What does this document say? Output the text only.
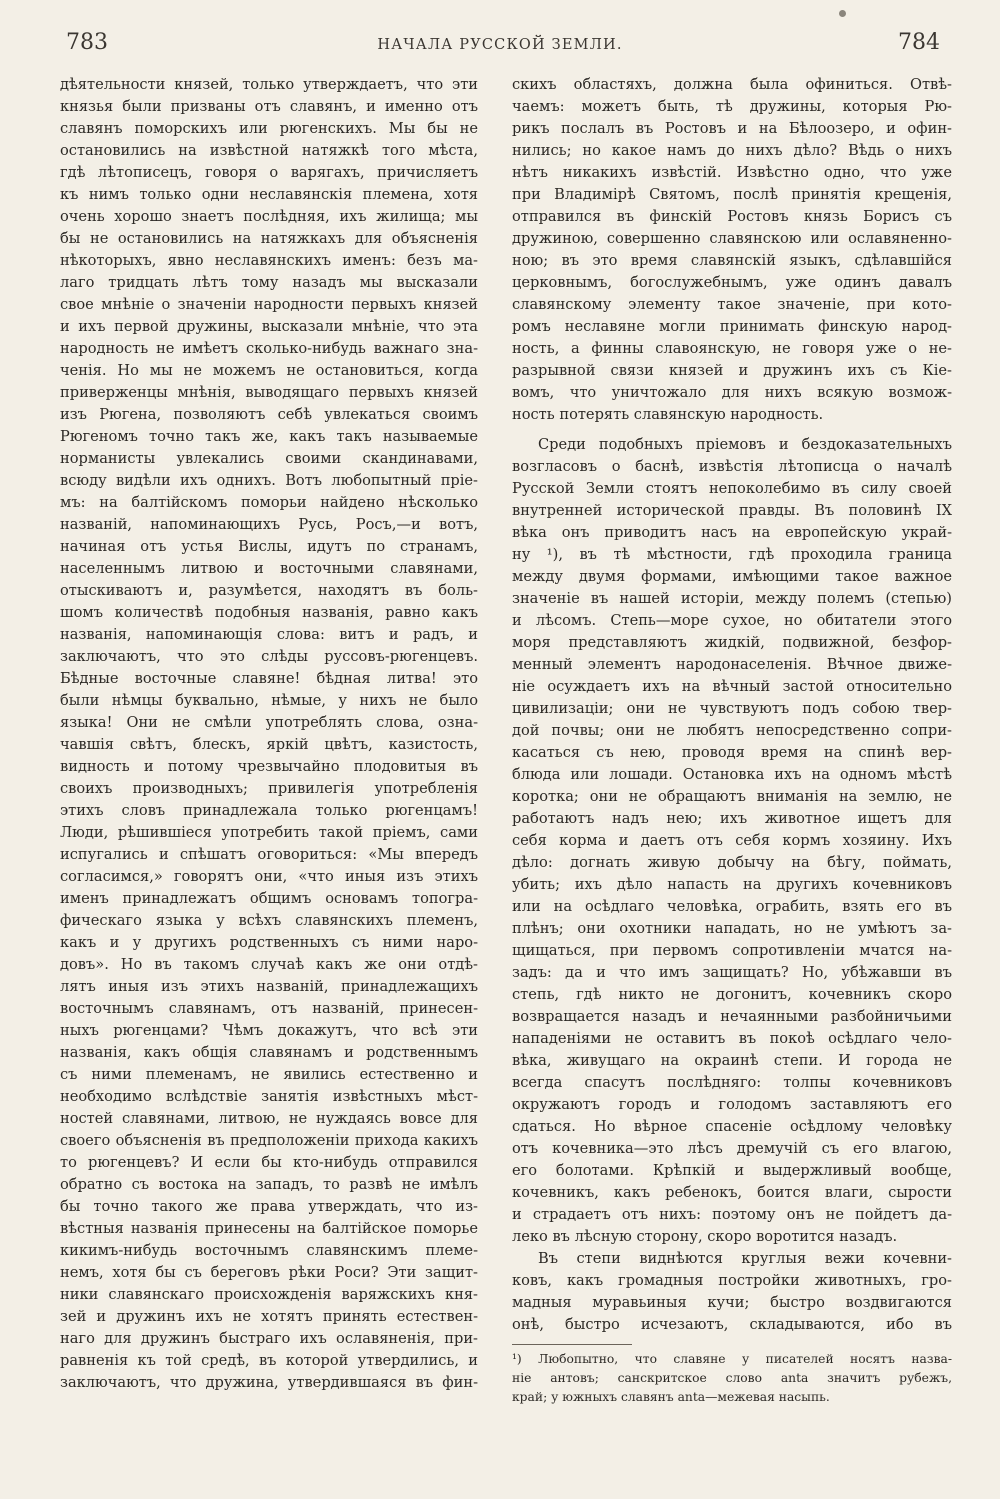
783	НАЧАЛА РУССКОЙ ЗЕМЛИ.	784
дѣятельности князей, только утверждаетъ, что эти
князья были призваны отъ славянъ, и именно отъ
славянъ поморскихъ или рюгенскихъ. Мы бы не
остановились на извѣстной натяжкѣ того мѣста,
гдѣ лѣтописецъ, говоря о варягахъ, причисляетъ
къ нимъ только одни неславянскія племена, хотя
очень хорошо знаетъ послѣдняя, ихъ жилища; мы
бы не остановились на натяжкахъ для объясненія
нѣкоторыхъ, явно неславянскихъ именъ: безъ ма-
лаго тридцать лѣтъ тому назадъ мы высказали
свое мнѣніе о значеніи народности первыхъ князей
и ихъ первой дружины, высказали мнѣніе, что эта
народность не имѣетъ сколько-нибудь важнаго зна-
ченія. Но мы не можемъ не остановиться, когда
приверженцы мнѣнія, выводящаго первыхъ князей
изъ Рюгена, позволяютъ себѣ увлекаться своимъ
Рюгеномъ точно такъ же, какъ такъ называемые
норманисты увлекались своими скандинавами,
всюду видѣли ихъ однихъ. Вотъ любопытный пріе-
мъ: на балтійскомъ поморьи найдено нѣсколько
названій, напоминающихъ Русь, Росъ,—и вотъ,
начиная отъ устья Вислы, идутъ по странамъ,
населеннымъ литвою и восточными славянами,
отыскиваютъ и, разумѣется, находятъ въ боль-
шомъ количествѣ подобныя названія, равно какъ
названія, напоминающія слова: витъ и радъ, и
заключаютъ, что это слѣды руссовъ-рюгенцевъ.
Бѣдные восточные славяне! бѣдная литва! это
были нѣмцы буквально, нѣмые, у нихъ не было
языка! Они не смѣли употреблять слова, озна-
чавшія свѣтъ, блескъ, яркій цвѣтъ, казистость,
видность и потому чрезвычайно плодовитыя въ
своихъ производныхъ; привилегія употребленія
этихъ словъ принадлежала только рюгенцамъ!
Люди, рѣшившіеся употребить такой пріемъ, сами
испугались и спѣшатъ оговориться: «Мы впередъ
согласимся,» говорятъ они, «что иныя изъ этихъ
именъ принадлежатъ общимъ основамъ топогра-
фическаго языка у всѣхъ славянскихъ племенъ,
какъ и у другихъ родственныхъ съ ними наро-
довъ». Но въ такомъ случаѣ какъ же они отдѣ-
лятъ иныя изъ этихъ названій, принадлежащихъ
восточнымъ славянамъ, отъ названій, принесен-
ныхъ рюгенцами? Чѣмъ докажутъ, что всѣ эти
названія, какъ общія славянамъ и родственнымъ
съ ними племенамъ, не явились естественно и
необходимо вслѣдствіе занятія извѣстныхъ мѣст-
ностей славянами, литвою, не нуждаясь вовсе для
своего объясненія въ предположеніи прихода какихъ
то рюгенцевъ? И если бы кто-нибудь отправился
обратно съ востока на западъ, то развѣ не имѣлъ
бы точно такого же права утверждать, что из-
вѣстныя названія принесены на балтійское поморье
кикимъ-нибудь восточнымъ славянскимъ племе-
немъ, хотя бы съ береговъ рѣки Роси? Эти защит-
ники славянскаго происхожденія варяжскихъ кня-
зей и дружинъ ихъ не хотятъ принять естествен-
наго для дружинъ быстраго ихъ ославяненія, при-
равненія къ той средѣ, въ которой утвердились, и
заключаютъ, что дружина, утвердившаяся въ фин-
скихъ областяхъ, должна была офиниться. Отвѣ-
чаемъ: можетъ быть, тѣ дружины, которыя Рю-
рикъ послалъ въ Ростовъ и на Бѣлоозеро, и офин-
нились; но какое намъ до нихъ дѣло? Вѣдь о нихъ
нѣтъ никакихъ извѣстій. Извѣстно одно, что уже
при Владимірѣ Святомъ, послѣ принятія крещенія,
отправился въ финскій Ростовъ князь Борисъ съ
дружиною, совершенно славянскою или ославяненно-
ною; въ это время славянскій языкъ, сдѣлавшійся
церковнымъ, богослужебнымъ, уже одинъ давалъ
славянскому элементу такое значеніе, при кото-
ромъ неславяне могли принимать финскую народ-
ность, а финны славоянскую, не говоря уже о не-
разрывной связи князей и дружинъ ихъ съ Кіе-
вомъ, что уничтожало для нихъ всякую возмож-
ность потерять славянскую народность.
Среди подобныхъ пріемовъ и бездоказательныхъ
возгласовъ о баснѣ, извѣстія лѣтописца о началѣ
Русской Земли стоятъ непоколебимо въ силу своей
внутренней исторической правды. Въ половинѣ IX
вѣка онъ приводитъ насъ на европейскую украй-
ну ¹), въ тѣ мѣстности, гдѣ проходила граница
между двумя формами, имѣющими такое важное
значеніе въ нашей исторіи, между полемъ (степью)
и лѣсомъ. Степь—море сухое, но обитатели этого
моря представляютъ жидкій, подвижной, безфор-
менный элементъ народонаселенія. Вѣчное движе-
ніе осуждаетъ ихъ на вѣчный застой относительно
цивилизаціи; они не чувствуютъ подъ собою твер-
дой почвы; они не любятъ непосредственно сопри-
касаться съ нею, проводя время на спинѣ вер-
блюда или лошади. Остановка ихъ на одномъ мѣстѣ
коротка; они не обращаютъ вниманія на землю, не
работаютъ надъ нею; ихъ животное ищетъ для
себя корма и даетъ отъ себя кормъ хозяину. Ихъ
дѣло: догнать живую добычу на бѣгу, поймать,
убить; ихъ дѣло напасть на другихъ кочевниковъ
или на осѣдлаго человѣка, ограбить, взять его въ
плѣнъ; они охотники нападать, но не умѣютъ за-
щищаться, при первомъ сопротивленіи мчатся на-
задъ: да и что имъ защищать? Но, убѣжавши въ
степь, гдѣ никто не догонитъ, кочевникъ скоро
возвращается назадъ и нечаянными разбойничьими
нападеніями не оставитъ въ покоѣ осѣдлаго чело-
вѣка, живущаго на окраинѣ степи. И города не
всегда спасутъ послѣдняго: толпы кочевниковъ
окружаютъ городъ и голодомъ заставляютъ его
сдаться. Но вѣрное спасеніе осѣдлому человѣку
отъ кочевника—это лѣсъ дремучій съ его влагою,
его болотами. Крѣпкій и выдержливый вообще,
кочевникъ, какъ ребенокъ, боится влаги, сырости
и страдаетъ отъ нихъ: поэтому онъ не пойдетъ да-
леко въ лѣсную сторону, скоро воротится назадъ.
Въ степи виднѣются круглыя вежи кочевни-
ковъ, какъ громадныя постройки животныхъ, гро-
мадныя муравьиныя кучи; быстро воздвигаются
онѣ, быстро исчезаютъ, складываются, ибо въ
¹) Любопытно, что славяне у писателей носятъ назва-
ніе антовъ; санскритское слово anta значитъ рубежъ,
край; у южныхъ славянъ anta—межевая насыпь.
